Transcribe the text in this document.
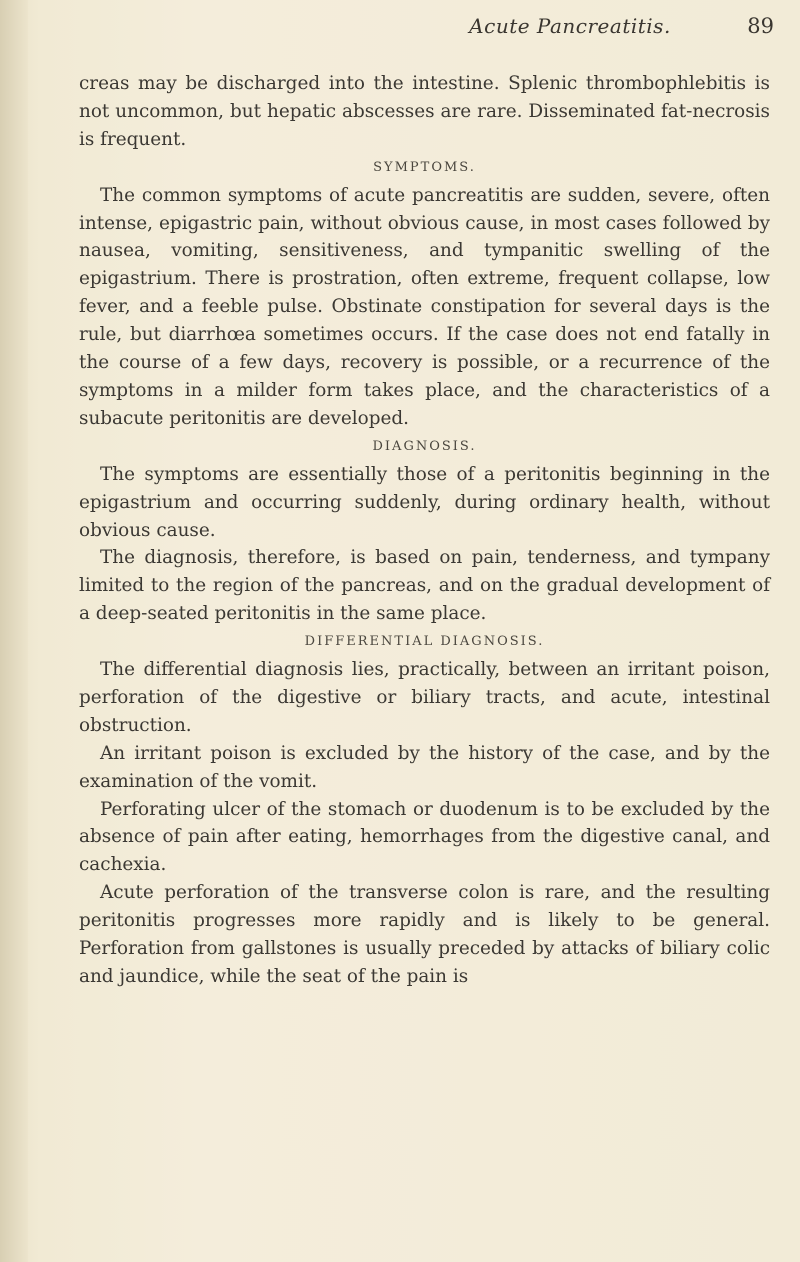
Acute Pancreatitis.	89

creas may be discharged into the intestine. Splenic thrombophlebitis is not uncommon, but hepatic abscesses are rare. Disseminated fat-necrosis is frequent.

SYMPTOMS.

The common symptoms of acute pancreatitis are sudden, severe, often intense, epigastric pain, without obvious cause, in most cases followed by nausea, vomiting, sensitiveness, and tympanitic swelling of the epigastrium. There is prostration, often extreme, frequent collapse, low fever, and a feeble pulse. Obstinate constipation for several days is the rule, but diarrhœa sometimes occurs. If the case does not end fatally in the course of a few days, recovery is possible, or a recurrence of the symptoms in a milder form takes place, and the characteristics of a subacute peritonitis are developed.

DIAGNOSIS.

The symptoms are essentially those of a peritonitis beginning in the epigastrium and occurring suddenly, during ordinary health, without obvious cause.

The diagnosis, therefore, is based on pain, tenderness, and tympany limited to the region of the pancreas, and on the gradual development of a deep-seated peritonitis in the same place.

DIFFERENTIAL DIAGNOSIS.

The differential diagnosis lies, practically, between an irritant poison, perforation of the digestive or biliary tracts, and acute, intestinal obstruction.

An irritant poison is excluded by the history of the case, and by the examination of the vomit.

Perforating ulcer of the stomach or duodenum is to be excluded by the absence of pain after eating, hemorrhages from the digestive canal, and cachexia.

Acute perforation of the transverse colon is rare, and the resulting peritonitis progresses more rapidly and is likely to be general. Perforation from gallstones is usually preceded by attacks of biliary colic and jaundice, while the seat of the pain is
